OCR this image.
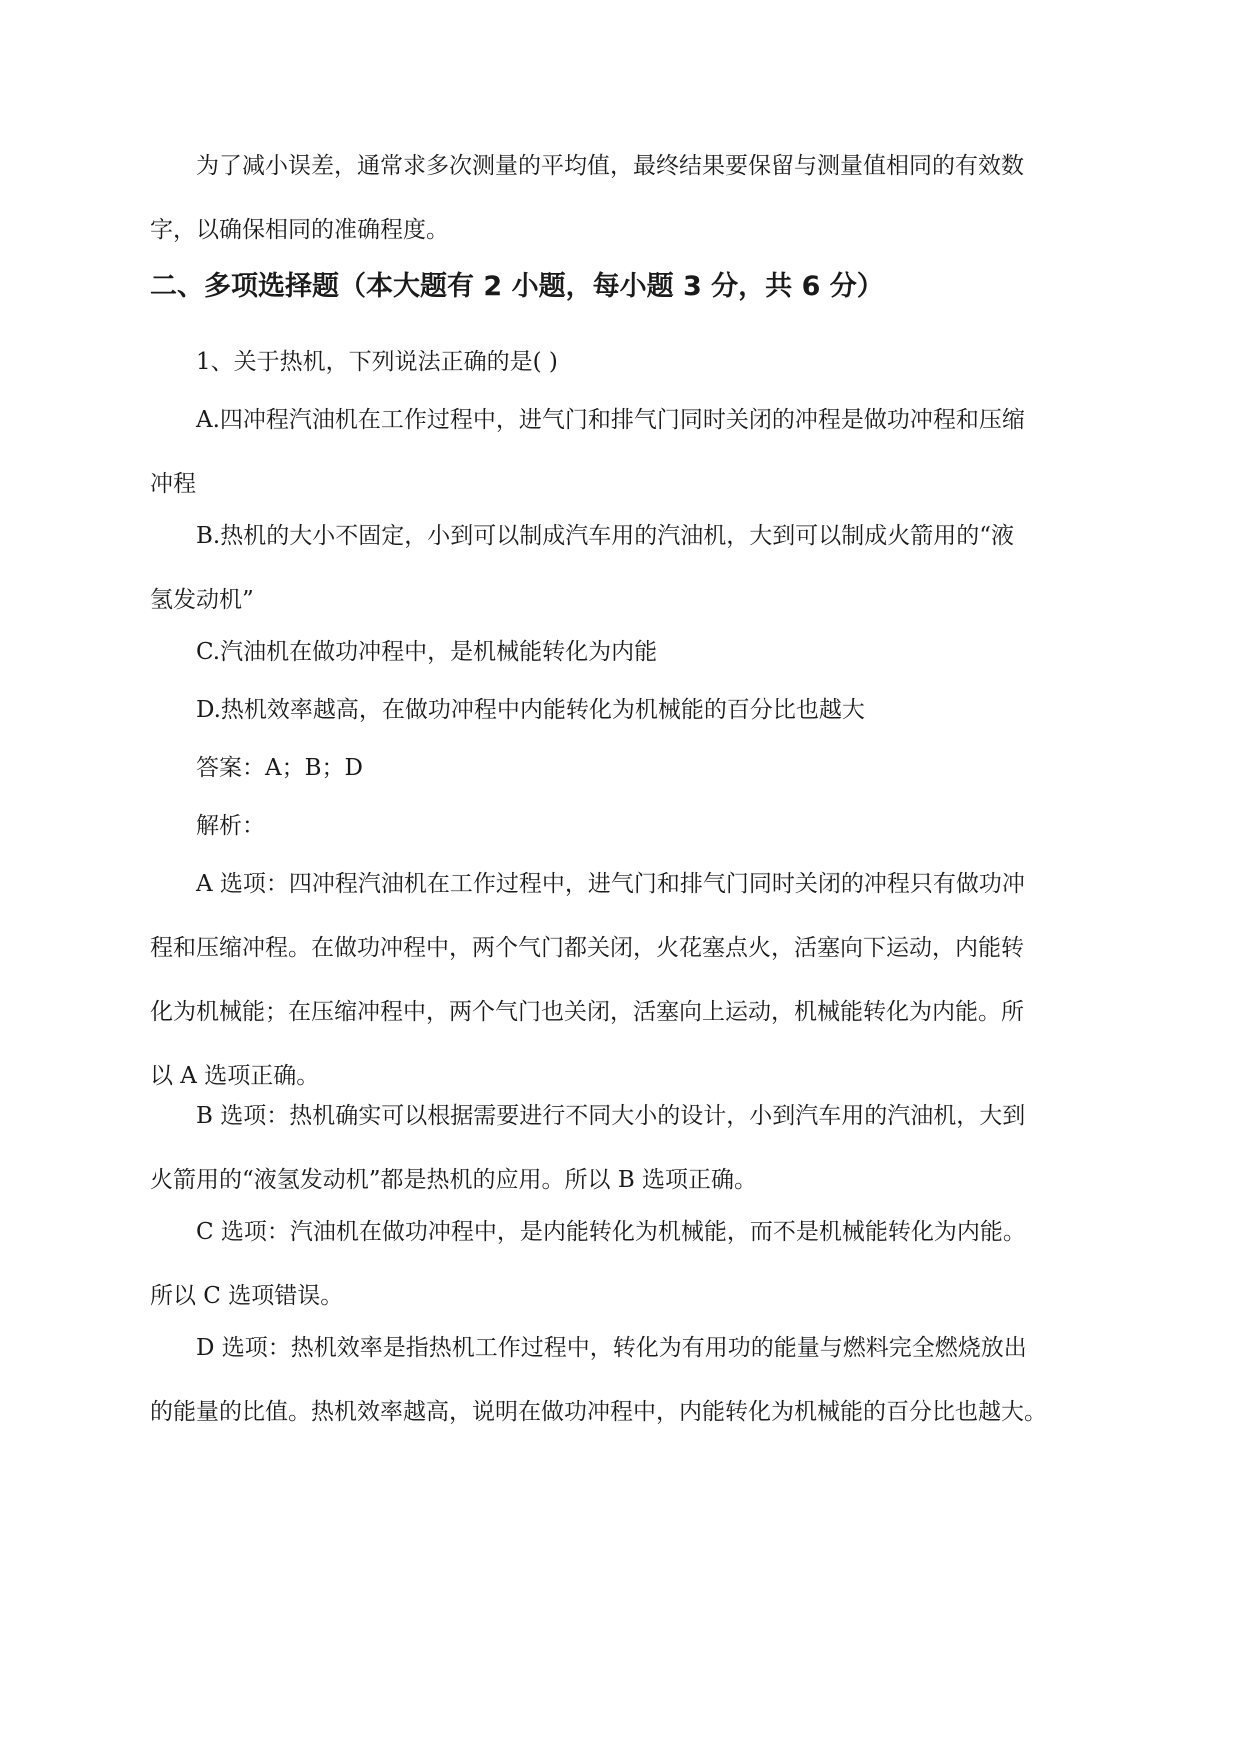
为了减小误差，通常求多次测量的平均值，最终结果要保留与测量值相同的有效数
字，以确保相同的准确程度。
二、多项选择题（本大题有 2 小题，每小题 3 分，共 6 分）
1、关于热机，下列说法正确的是( )
A.四冲程汽油机在工作过程中，进气门和排气门同时关闭的冲程是做功冲程和压缩
冲程
B.热机的大小不固定，小到可以制成汽车用的汽油机，大到可以制成火箭用的“液
氢发动机”
C.汽油机在做功冲程中，是机械能转化为内能
D.热机效率越高，在做功冲程中内能转化为机械能的百分比也越大
答案：A；B；D
解析：
A 选项：四冲程汽油机在工作过程中，进气门和排气门同时关闭的冲程只有做功冲
程和压缩冲程。在做功冲程中，两个气门都关闭，火花塞点火，活塞向下运动，内能转
化为机械能；在压缩冲程中，两个气门也关闭，活塞向上运动，机械能转化为内能。所
以 A 选项正确。
B 选项：热机确实可以根据需要进行不同大小的设计，小到汽车用的汽油机，大到
火箭用的“液氢发动机”都是热机的应用。所以 B 选项正确。
C 选项：汽油机在做功冲程中，是内能转化为机械能，而不是机械能转化为内能。
所以 C 选项错误。
D 选项：热机效率是指热机工作过程中，转化为有用功的能量与燃料完全燃烧放出
的能量的比值。热机效率越高，说明在做功冲程中，内能转化为机械能的百分比也越大。
